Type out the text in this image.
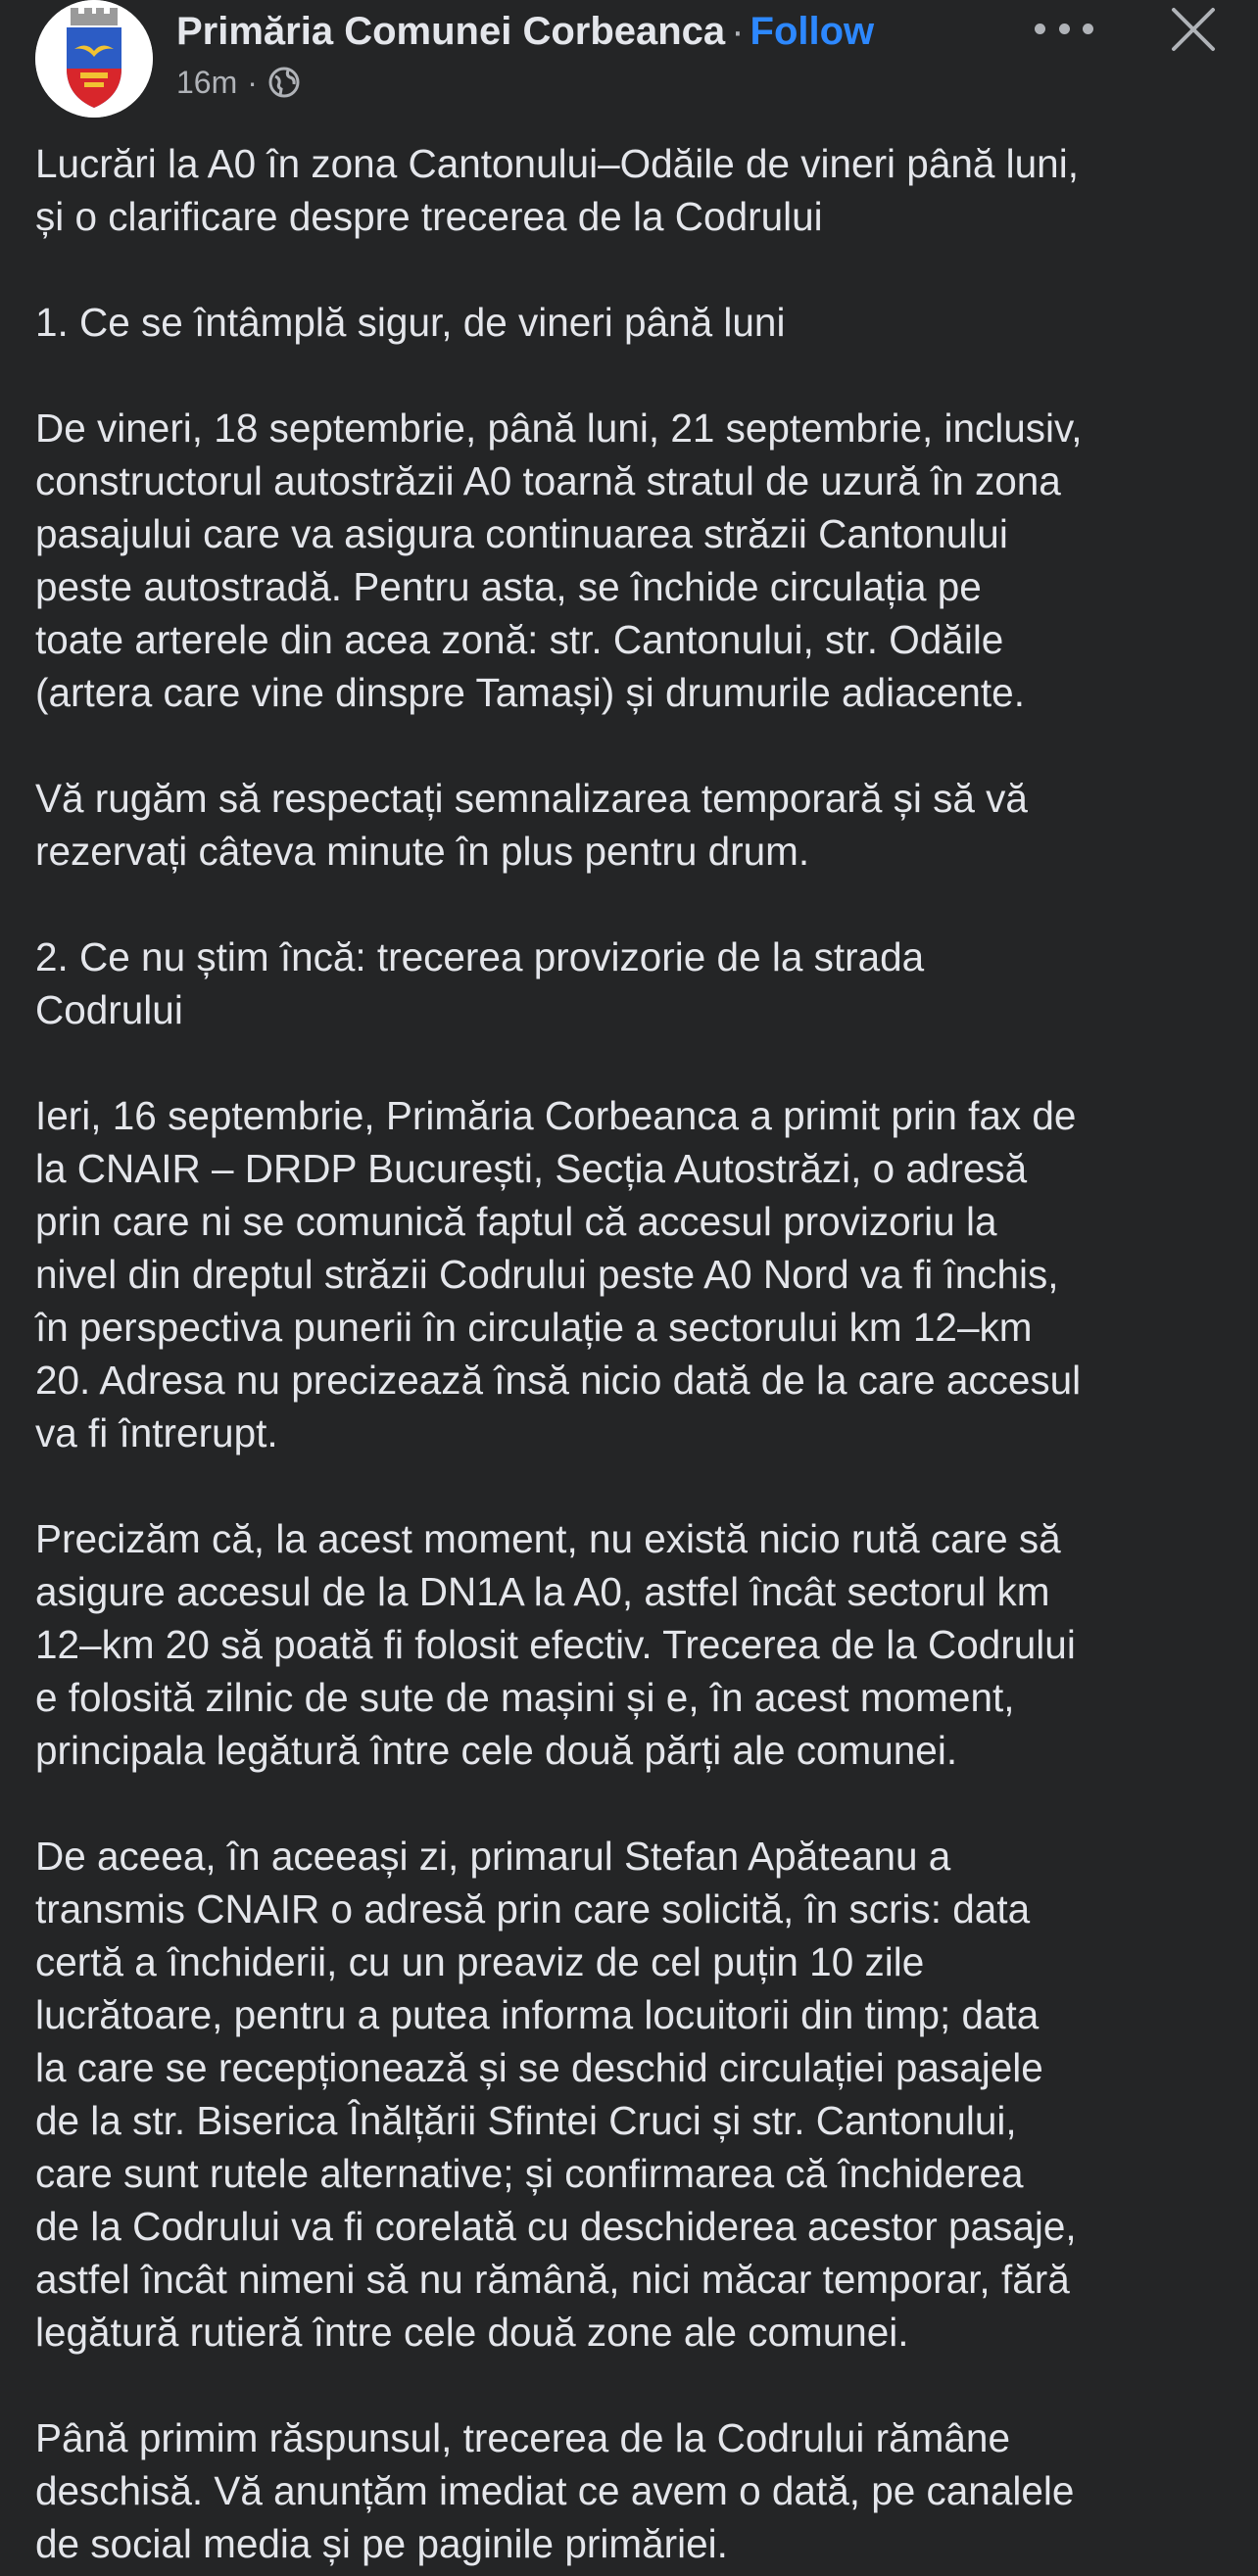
Primăria Comunei Corbeanca · Follow
16m ·

Lucrări la A0 în zona Cantonului–Odăile de vineri până luni,
și o clarificare despre trecerea de la Codrului

1. Ce se întâmplă sigur, de vineri până luni

De vineri, 18 septembrie, până luni, 21 septembrie, inclusiv,
constructorul autostrăzii A0 toarnă stratul de uzură în zona
pasajului care va asigura continuarea străzii Cantonului
peste autostradă. Pentru asta, se închide circulația pe
toate arterele din acea zonă: str. Cantonului, str. Odăile
(artera care vine dinspre Tamași) și drumurile adiacente.

Vă rugăm să respectați semnalizarea temporară și să vă
rezervați câteva minute în plus pentru drum.

2. Ce nu știm încă: trecerea provizorie de la strada
Codrului

Ieri, 16 septembrie, Primăria Corbeanca a primit prin fax de
la CNAIR – DRDP București, Secția Autostrăzi, o adresă
prin care ni se comunică faptul că accesul provizoriu la
nivel din dreptul străzii Codrului peste A0 Nord va fi închis,
în perspectiva punerii în circulație a sectorului km 12–km
20. Adresa nu precizează însă nicio dată de la care accesul
va fi întrerupt.

Precizăm că, la acest moment, nu există nicio rută care să
asigure accesul de la DN1A la A0, astfel încât sectorul km
12–km 20 să poată fi folosit efectiv. Trecerea de la Codrului
e folosită zilnic de sute de mașini și e, în acest moment,
principala legătură între cele două părți ale comunei.

De aceea, în aceeași zi, primarul Stefan Apăteanu a
transmis CNAIR o adresă prin care solicită, în scris: data
certă a închiderii, cu un preaviz de cel puțin 10 zile
lucrătoare, pentru a putea informa locuitorii din timp; data
la care se recepționează și se deschid circulației pasajele
de la str. Biserica Înălțării Sfintei Cruci și str. Cantonului,
care sunt rutele alternative; și confirmarea că închiderea
de la Codrului va fi corelată cu deschiderea acestor pasaje,
astfel încât nimeni să nu rămână, nici măcar temporar, fără
legătură rutieră între cele două zone ale comunei.

Până primim răspunsul, trecerea de la Codrului rămâne
deschisă. Vă anunțăm imediat ce avem o dată, pe canalele
de social media și pe paginile primăriei.
